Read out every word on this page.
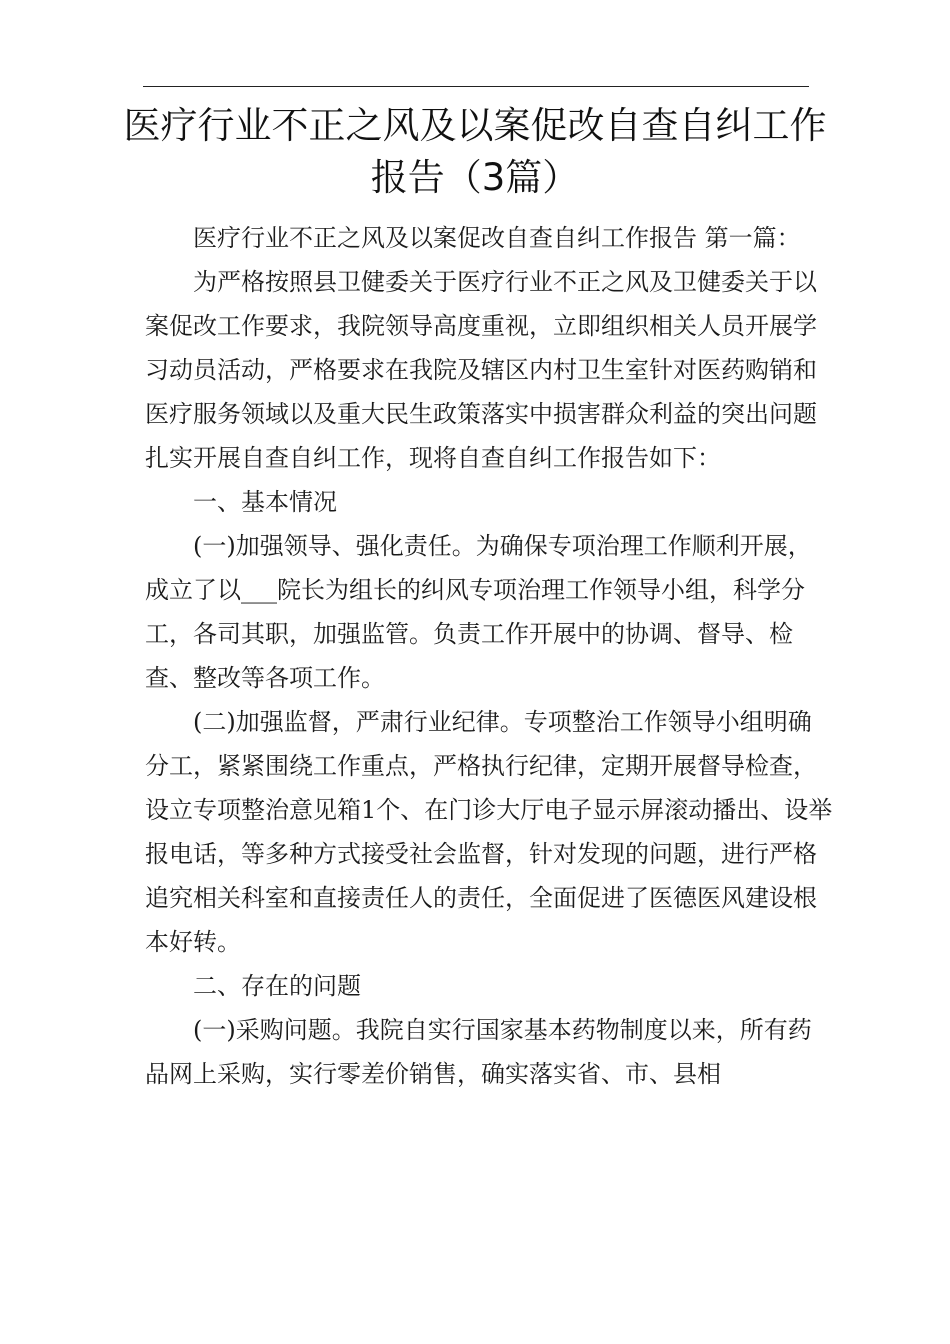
医疗行业不正之风及以案促改自查自纠工作报告（3篇）

医疗行业不正之风及以案促改自查自纠工作报告 第一篇：

为严格按照县卫健委关于医疗行业不正之风及卫健委关于以案促改工作要求，我院领导高度重视，立即组织相关人员开展学习动员活动，严格要求在我院及辖区内村卫生室针对医药购销和医疗服务领域以及重大民生政策落实中损害群众利益的突出问题扎实开展自查自纠工作，现将自查自纠工作报告如下：

一、基本情况

(一)加强领导、强化责任。为确保专项治理工作顺利开展，成立了以___院长为组长的纠风专项治理工作领导小组，科学分工，各司其职，加强监管。负责工作开展中的协调、督导、检查、整改等各项工作。

(二)加强监督，严肃行业纪律。专项整治工作领导小组明确分工，紧紧围绕工作重点，严格执行纪律，定期开展督导检查，设立专项整治意见箱1个、在门诊大厅电子显示屏滚动播出、设举报电话，等多种方式接受社会监督，针对发现的问题，进行严格追究相关科室和直接责任人的责任，全面促进了医德医风建设根本好转。

二、存在的问题

(一)采购问题。我院自实行国家基本药物制度以来，所有药品网上采购，实行零差价销售，确实落实省、市、县相
